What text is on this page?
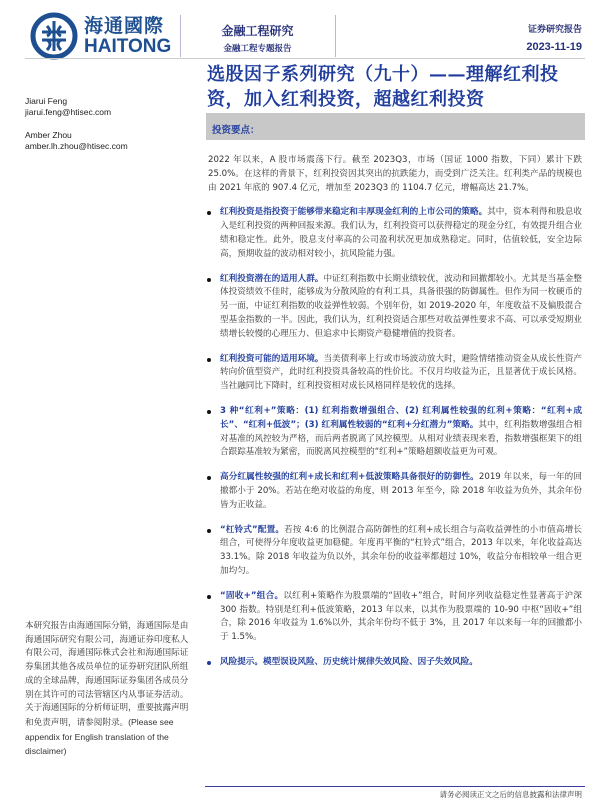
海通國際
HAITONG
金融工程研究
金融工程专题报告
证券研究报告
2023-11-19
选股因子系列研究（九十）——理解红利投资，加入红利投资，超越红利投资
Jiarui Feng
jiarui.feng@htisec.com
Amber Zhou
amber.lh.zhou@htisec.com
投资要点：

2022 年以来，A 股市场震荡下行。截至 2023Q3，市场（国证 1000 指数，下同）累计下跌 25.0%。在这样的背景下，红利投资因其突出的抗跌能力，而受到广泛关注。红利类产品的规模也由 2021 年底的 907.4 亿元，增加至 2023Q3 的 1104.7 亿元，增幅高达 21.7%。

红利投资是指投资于能够带来稳定和丰厚现金红利的上市公司的策略。其中，资本利得和股息收入是红利投资的两种回报来源。我们认为，红利投资可以获得稳定的现金分红，有效提升组合业绩和稳定性。此外，股息支付率高的公司盈利状况更加成熟稳定。同时，估值较低，安全边际高，预期收益的波动相对较小，抗风险能力强。
红利投资潜在的适用人群。中证红利指数中长期业绩较优，波动和回撤都较小。尤其是当基金整体投资绩效不佳时，能够成为分散风险的有利工具，具备很强的防御属性。但作为同一枚硬币的另一面，中证红利指数的收益弹性较弱。个别年份，如 2019-2020 年，年度收益不及偏股混合型基金指数的一半。因此，我们认为，红利投资适合那些对收益弹性要求不高、可以承受短期业绩增长较慢的心理压力、但追求中长期资产稳健增值的投资者。
红利投资可能的适用环境。当美债利率上行或市场波动放大时，避险情绪推动资金从成长性资产转向价值型资产，此时红利投资具备较高的性价比。不仅月均收益为正，且显著优于成长风格。当社融同比下降时，红利投资相对成长风格同样是较优的选择。
3 种“红利+”策略：(1) 红利指数增强组合、(2) 红利属性较强的红利+策略：“红利+成长”、“红利+低波”；(3) 红利属性较弱的“红利+分红潜力”策略。其中，红利指数增强组合相对基准的风控较为严格，而后两者脱离了风控模型。从相对业绩表现来看，指数增强框架下的组合跟踪基准较为紧密，而脱离风控模型的“红利+”策略超额收益更为可观。
高分红属性较强的红利+成长和红利+低波策略具备很好的防御性。2019 年以来，每一年的回撤都小于 20%。若站在绝对收益的角度，则 2013 年至今，除 2018 年收益为负外，其余年份皆为正收益。
“杠铃式”配置。若按 4:6 的比例混合高防御性的红利+成长组合与高收益弹性的小市值高增长组合，可使得分年度收益更加稳健。年度再平衡的“杠铃式”组合，2013 年以来，年化收益高达 33.1%。除 2018 年收益为负以外，其余年份的收益率都超过 10%，收益分布相较单一组合更加均匀。
“固收+”组合。以红利+策略作为股票端的“固收+”组合，时间序列收益稳定性显著高于沪深 300 指数。特别是红利+低波策略，2013 年以来，以其作为股票端的 10-90 中枢“固收+”组合，除 2016 年收益为 1.6%以外，其余年份均不低于 3%，且 2017 年以来每一年的回撤都小于 1.5%。
风险提示。模型误设风险、历史统计规律失效风险、因子失效风险。
本研究报告由海通国际分销，海通国际是由海通国际研究有限公司，海通证券印度私人有限公司，海通国际株式会社和海通国际证券集团其他各成员单位的证券研究团队所组成的全球品牌，海通国际证券集团各成员分别在其许可的司法管辖区内从事证券活动。关于海通国际的分析师证明，重要披露声明和免责声明，请参阅附录。(Please see appendix for English translation of the disclaimer)
请务必阅读正文之后的信息披露和法律声明
